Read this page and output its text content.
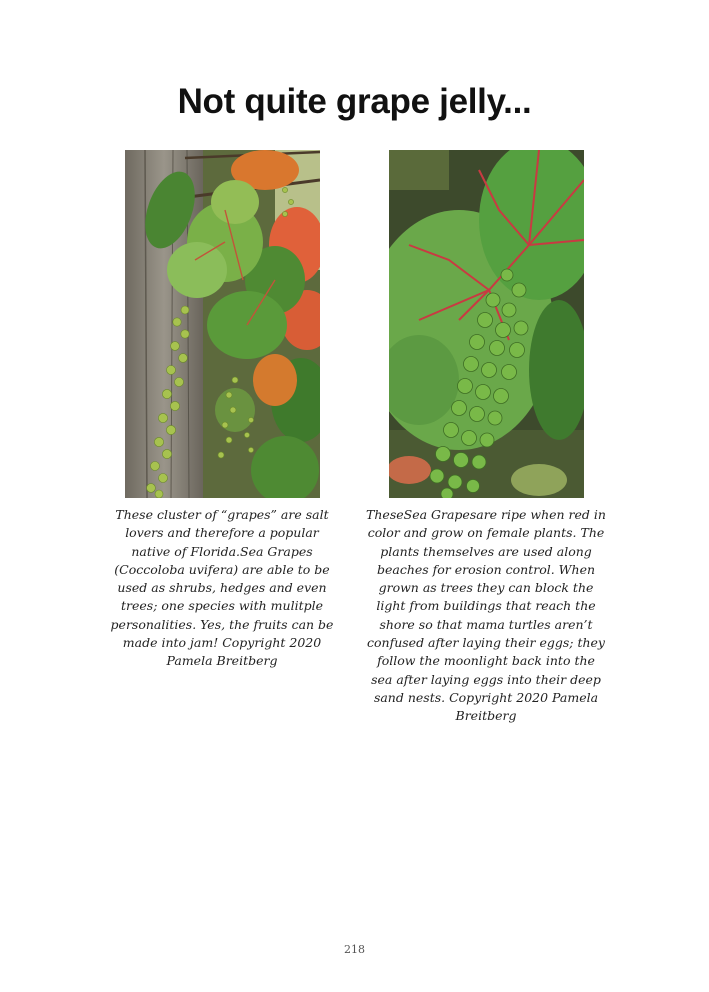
Not quite grape jelly...

These cluster of “grapes” are salt lovers and therefore a popular native of Florida.Sea Grapes (Coccoloba uvifera) are able to be used as shrubs, hedges and even trees; one species with mulitple personalities. Yes, the fruits can be made into jam! Copyright 2020 Pamela Breitberg

TheseSea Grapesare ripe when red in color and grow on female plants. The plants themselves are used along beaches for erosion control. When grown as trees they can block the light from buildings that reach the shore so that mama turtles aren’t confused after laying their eggs; they follow the moonlight back into the sea after laying eggs into their deep sand nests. Copyright 2020 Pamela Breitberg

218
